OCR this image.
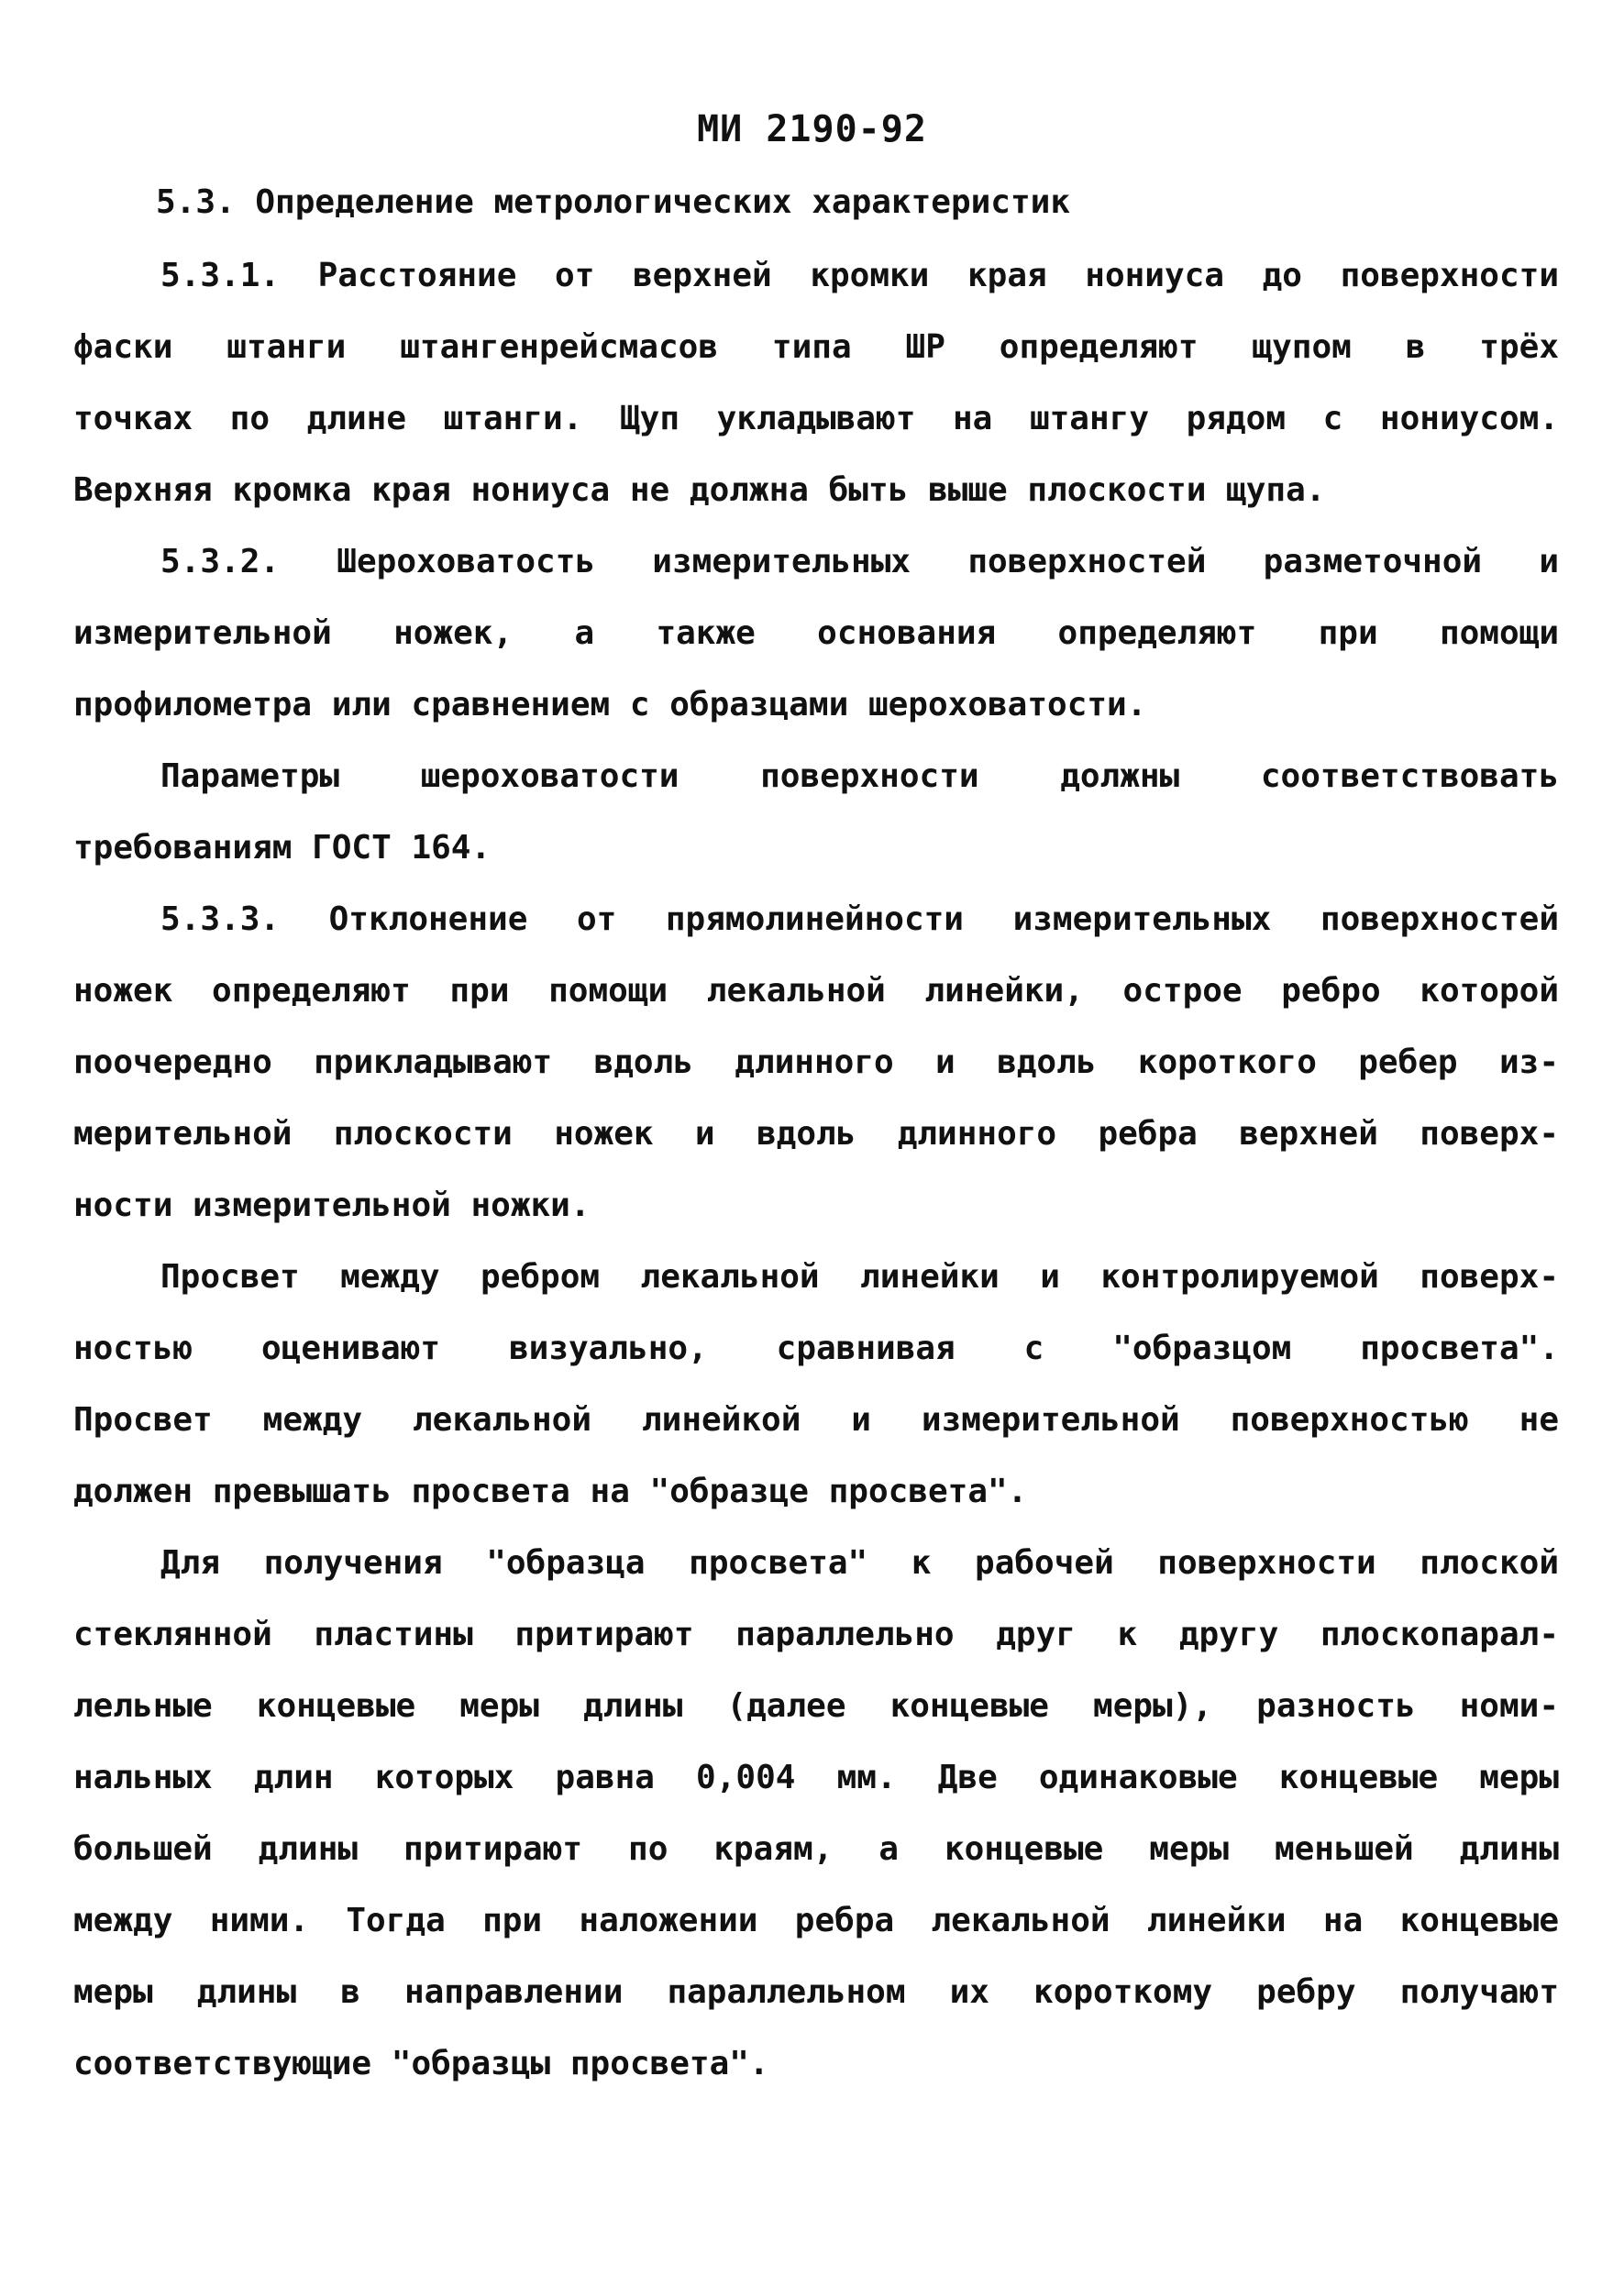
МИ 2190-92
5.3. Определение метрологических характеристик
5.3.1. Расстояние от верхней кромки края нониуса до поверхности
фаски штанги штангенрейсмасов типа ШР определяют щупом в трёх
точках по длине штанги. Щуп укладывают на штангу рядом с нониусом.
Верхняя кромка края нониуса не должна быть выше плоскости щупа.
5.3.2. Шероховатость измерительных поверхностей разметочной и
измерительной ножек, а также основания определяют при помощи
профилометра или сравнением с образцами шероховатости.
Параметры шероховатости поверхности должны соответствовать
требованиям ГОСТ 164.
5.3.3. Отклонение от прямолинейности измерительных поверхностей
ножек определяют при помощи лекальной линейки, острое ребро которой
поочередно прикладывают вдоль длинного и вдоль короткого ребер из-
мерительной плоскости ножек и вдоль длинного ребра верхней поверх-
ности измерительной ножки.
Просвет между ребром лекальной линейки и контролируемой поверх-
ностью оценивают визуально, сравнивая с "образцом просвета".
Просвет между лекальной линейкой и измерительной поверхностью не
должен превышать просвета на "образце просвета".
Для получения "образца просвета" к рабочей поверхности плоской
стеклянной пластины притирают параллельно друг к другу плоскопарал-
лельные концевые меры длины (далее концевые меры), разность номи-
нальных длин которых равна 0,004 мм. Две одинаковые концевые меры
большей длины притирают по краям, а концевые меры меньшей длины
между ними. Тогда при наложении ребра лекальной линейки на концевые
меры длины в направлении параллельном их короткому ребру получают
соответствующие "образцы просвета".
